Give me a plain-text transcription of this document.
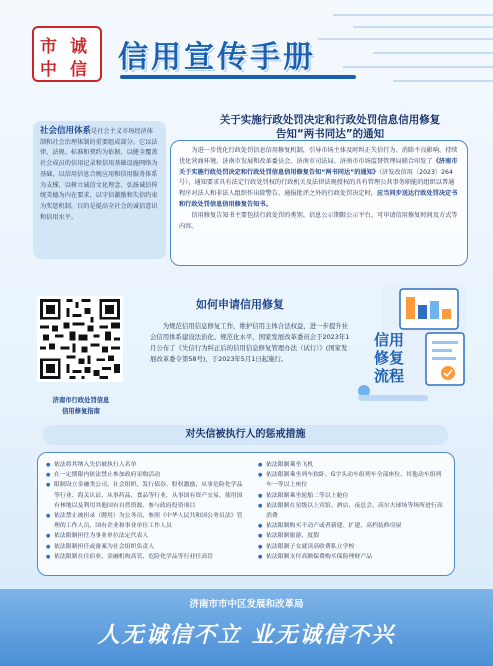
市 诚
中 信 信用宣传手册
关于实施行政处罚决定和行政处罚信息信用修复
告知“两书同达”的通知

为进一步优化行政处罚信息信用修复机制，引导市场主体及时纠正失信行为、消除不良影响、持续优化营商环境，济南市发展和改革委员会、济南市司法局、济南市市场监督管理局联合印发了《济南市关于实施行政处罚决定和行政处罚信息信用修复告知“两书同达”的通知》（济发改信用〔2023〕264号），通知要求具有法定行政处罚权的行政机关及法律法规授权的具有管理公共事务职能的组织以普通程序对法人和非法人组织作出除警告、通报批评之外的行政处罚决定时，应当同步送达行政处罚决定书和行政处罚信息信用修复告知书。

信用修复告知书主要包括行政处罚的类别、信息公示期限公示平台、可申请信用修复时间及方式等内容。

社会信用体系是社会主义市场经济体制和社会治理体制的重要组成部分。它以法律、法规、标准和契约为依据，以健全覆盖社会成员的信用记录和信用基础设施网络为基础，以信用信息合规应用和信用服务体系为支撑，以树立诚信文化理念、弘扬诚信传统美德为内在要求，以守信激励和失信约束为奖惩机制，目的是提高全社会的诚信意识和信用水平。
济南市行政处罚信息
信用修复指南
如何申请信用修复

为规范信用信息修复工作，维护信用主体合法权益，进一步提升社会信用体系建设法治化、规范化水平，国家发展改革委员会于2023年1月公布了《失信行为纠正后的信用信息修复管理办法（试行）》(国家发展改革委令第58号)，于2023年5月1日起施行。

信用
修复
流程
对失信被执行人的惩戒措施
● 依法将其纳入失信被执行人名单
● 在一定期限内依法禁止参加政府采购活动
● 限制设立金融类公司、社会组织、发行债券、股权激励、从事危险化学品等行业、海关认证、从事药品、食品等行业，从事国有资产交易、使用国有林地以及利用其他国有自然资源、参与政府投资项目
● 依法禁止被担录（聘用）为公务员、参照《中华人民共和国公务员法》管理的工作人员、国有企业和事业单位工作人员
● 依法限制担任为事业单位法定代表人
● 依法限制担任或备案为社会组织负责人
● 依法限制在住宿业、金融机构高管、危险化学品等行业任高管
● 依法限制乘坐飞机
● 依法限制乘坐列车软卧、G字头动车组列车全部座位、其他动车组列车一等以上座位
● 依法限制乘坐轮船二等以上舱位
● 依法限制在星级以上宾馆、酒店、夜总会、高尔夫球场等场所进行高消费
● 依法限制购买不动产或者新建、扩建、高档装修房屋
● 依法限制旅游、度假
● 依法限制子女就读高收费私立学校
● 依法限制支付高额保费购买保险理财产品
济南市市中区发展和改革局
人无诚信不立 业无诚信不兴
